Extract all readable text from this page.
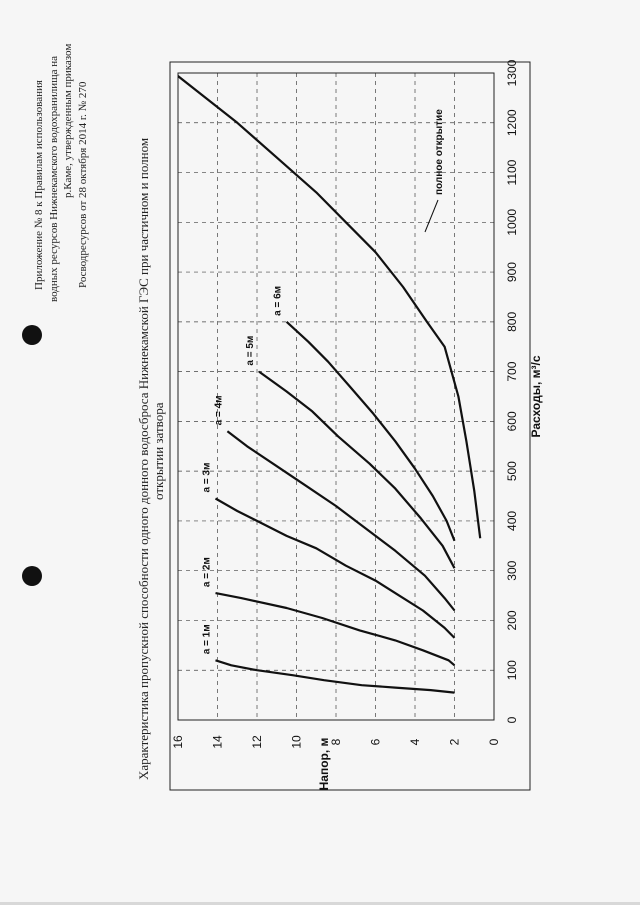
Приложение № 8 к Правилам использования водных ресурсов Нижнекамского водохранилища на р.Каме, утвержденным приказом Росводресурсов от 28 октября 2014 г. № 270	Характеристика пропускной способности одного донного водосброса Нижнекамской ГЭС при частичном и полном открытии затвора
0
100
200
300
400
500
600
700
800
900
1000
1100
1200
1300
0
2
4
6
8
10
12
14
16
a = 1м
a = 2м
a = 3м
a = 4м
a = 5м
a = 6м
полное открытие
Расходы, м³/с
Напор, м
